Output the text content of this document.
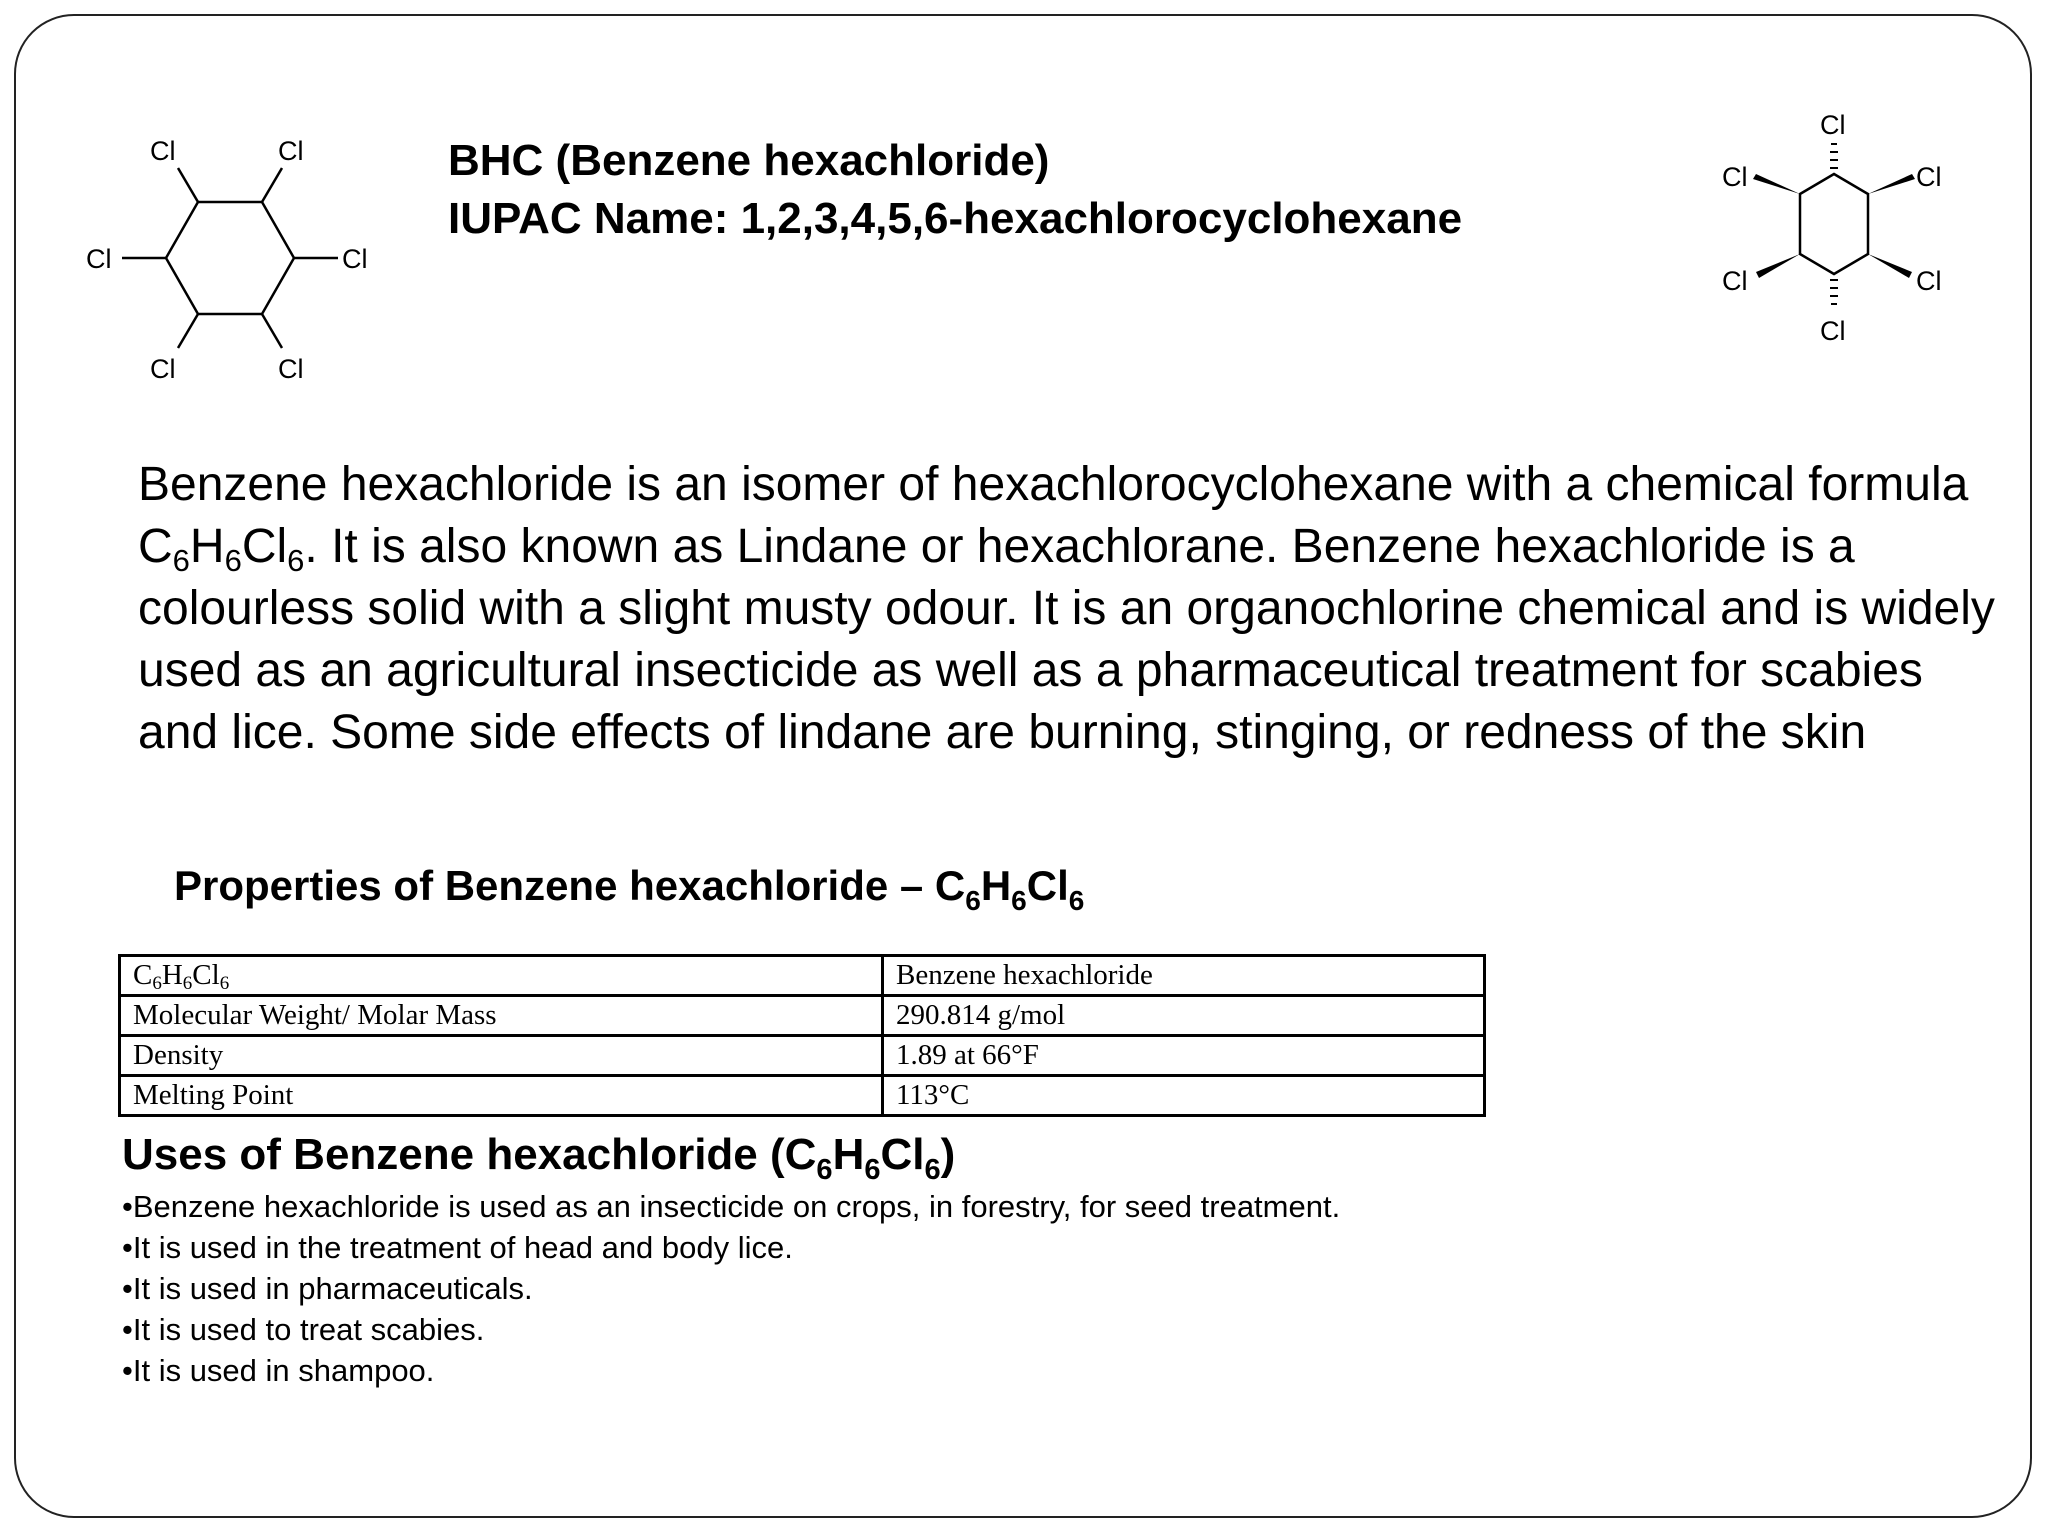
Cl	Cl
Cl	Cl
Cl	Cl
BHC (Benzene hexachloride)
IUPAC Name: 1,2,3,4,5,6-hexachlorocyclohexane
Cl
Cl	Cl
Cl	Cl
Cl

Benzene hexachloride is an isomer of hexachlorocyclohexane with a chemical formula $C_6H_6Cl_6$. It is also known as Lindane or hexachlorane. Benzene hexachloride is a colourless solid with a slight musty odour. It is an organochlorine chemical and is widely used as an agricultural insecticide as well as a pharmaceutical treatment for scabies and lice. Some side effects of lindane are burning, stinging, or redness of the skin

Properties of Benzene hexachloride – $C_6H_6Cl_6$
$C_6H_6Cl_6$	Benzene hexachloride
Molecular Weight/ Molar Mass	290.814 g/mol
Density	1.89 at 66°F
Melting Point	113°C
Uses of Benzene hexachloride $(C_6H_6Cl_6)$
•Benzene hexachloride is used as an insecticide on crops, in forestry, for seed treatment.
•It is used in the treatment of head and body lice.
•It is used in pharmaceuticals.
•It is used to treat scabies.
•It is used in shampoo.
